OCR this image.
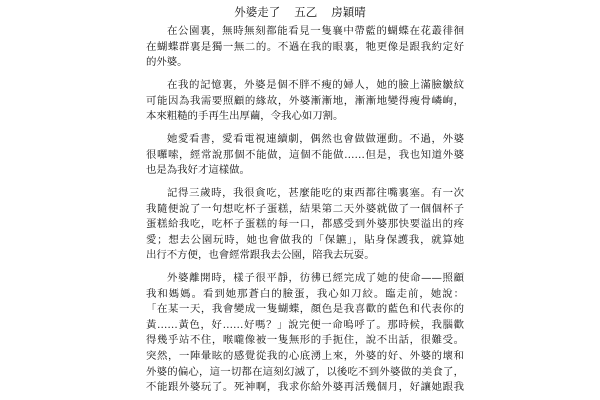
外婆走了 五乙 房穎晴
在公園裏，無時無刻都能看見一隻襄中帶藍的蝴蝶在花叢徘徊
在蝴蝶群裏是獨一無二的。不過在我的眼裏，牠更像是跟我約定好
的外婆。
在我的記憶裏，外婆是個不胖不瘦的婦人，她的臉上滿臉皺紋
可能因為我需要照顧的緣故，外婆漸漸地，漸漸地變得瘦骨嶙峋，
本來粗糙的手再生出厚繭，令我心如刀割。
她愛看書，愛看電視連續劇，偶然也會做做運動。不過，外婆
很囉嗦，經常說那個不能做，這個不能做……但是，我也知道外婆
也是為我好才這樣做。
記得三歲時，我很貪吃，甚麼能吃的東西都往嘴裏塞。有一次
我隨便說了一句想吃杯子蛋糕，結果第二天外婆就做了一個個杯子
蛋糕給我吃，吃杯子蛋糕的每一口，都感受到外婆那快要溢出的疼
愛；想去公園玩時，她也會做我的「保鑣」，貼身保護我，就算她
出行不方便，也會經常跟我去公園，陪我去玩耍。
外婆離開時，樣子很平靜，彷彿已經完成了她的使命——照顧
我和媽媽。看到她那蒼白的臉蛋，我心如刀絞。臨走前，她說：
「在某一天，我會變成一隻蝴蝶，顏色是我喜歡的藍色和代表你的
黃……黃色，好……好嗎？」說完便一命嗚呼了。那時候，我腦歡
得幾乎站不住，喉嚨像被一隻無形的手扼住，說不出話，很難受。
突然，一陣暈眩的感覺從我的心底湧上來，外婆的好、外婆的壞和
外婆的偏心，這一切都在這刻幻滅了，以後吃不到外婆做的美食了，
不能跟外婆玩了。死神啊，我求你給外婆再活幾個月，好讓她跟我
